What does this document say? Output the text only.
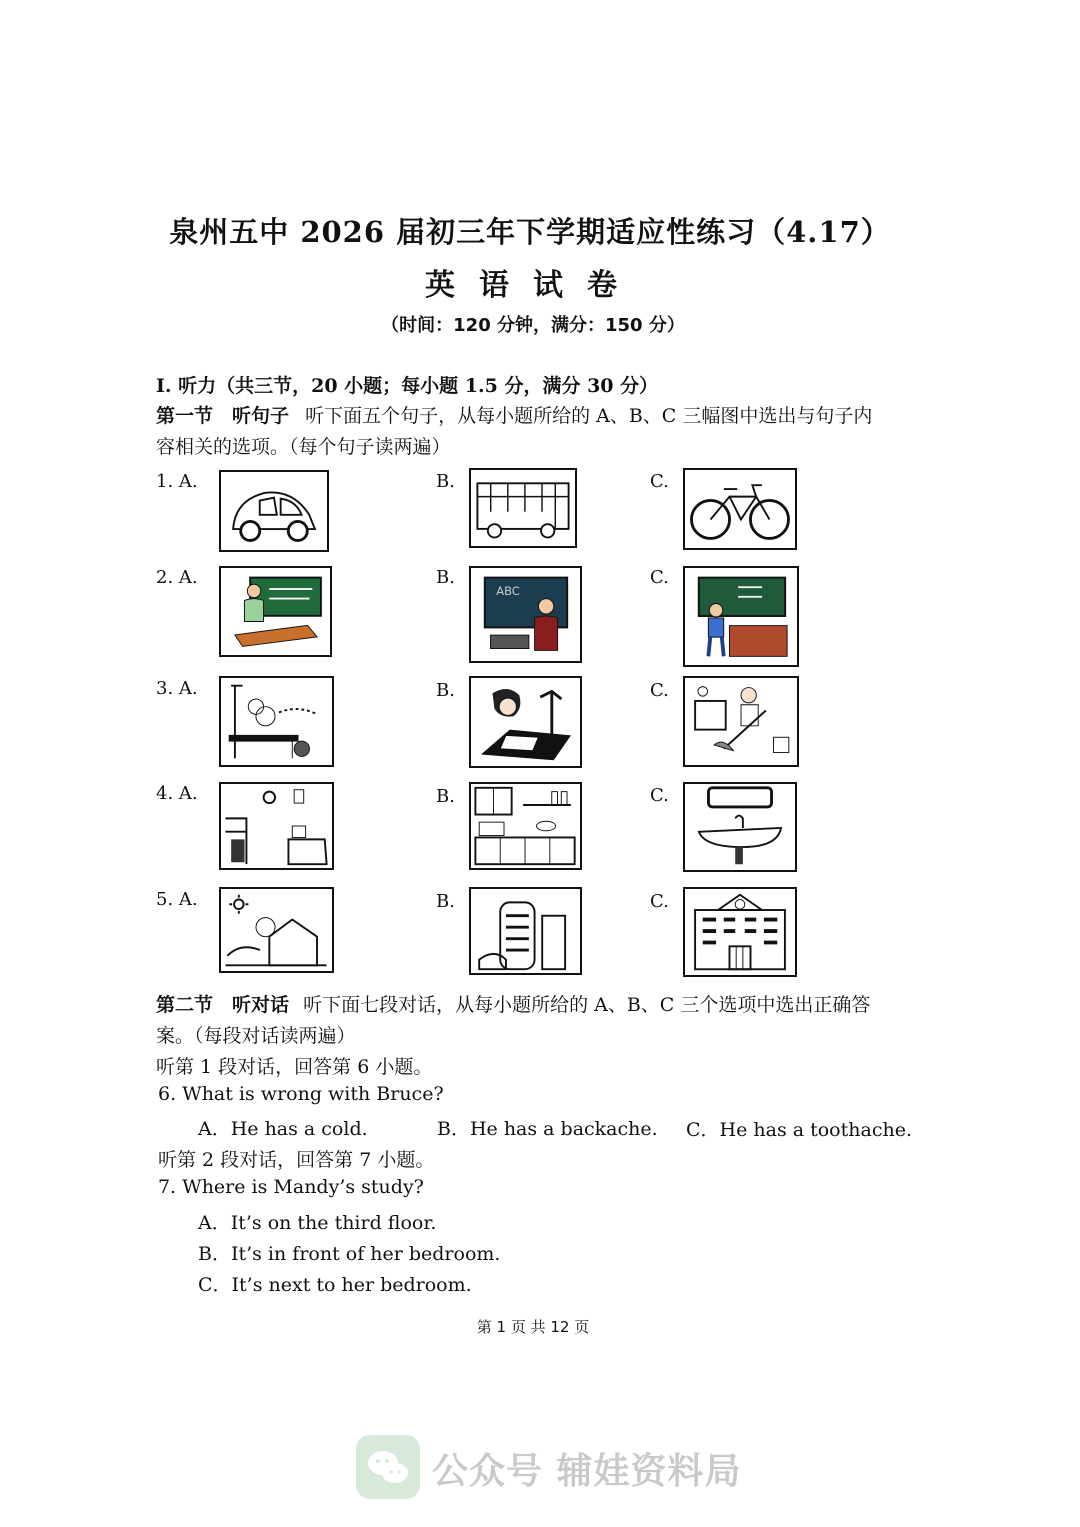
泉州五中 2026 届初三年下学期适应性练习（4.17）
英语试卷
（时间：120 分钟，满分：150 分）
I. 听力（共三节，20 小题；每小题 1.5 分，满分 30 分）
第一节　听句子 听下面五个句子，从每小题所给的 A、B、C 三幅图中选出与句子内
容相关的选项。（每个句子读两遍）
1. A.	B.	C.
2. A.	B.	C.
3. A.	B.	C.
4. A.	B.	C.
5. A.	B.	C.
ABC
第二节　听对话 听下面七段对话，从每小题所给的 A、B、C 三个选项中选出正确答
案。（每段对话读两遍）
听第 1 段对话，回答第 6 小题。
6. What is wrong with Bruce?
A．He has a cold.	B．He has a backache. C．He has a toothache.
听第 2 段对话，回答第 7 小题。
7. Where is Mandy’s study?
A．It’s on the third floor.
B．It’s in front of her bedroom.
C．It’s next to her bedroom.
第 1 页 共 12 页
公众号 辅娃资料局
